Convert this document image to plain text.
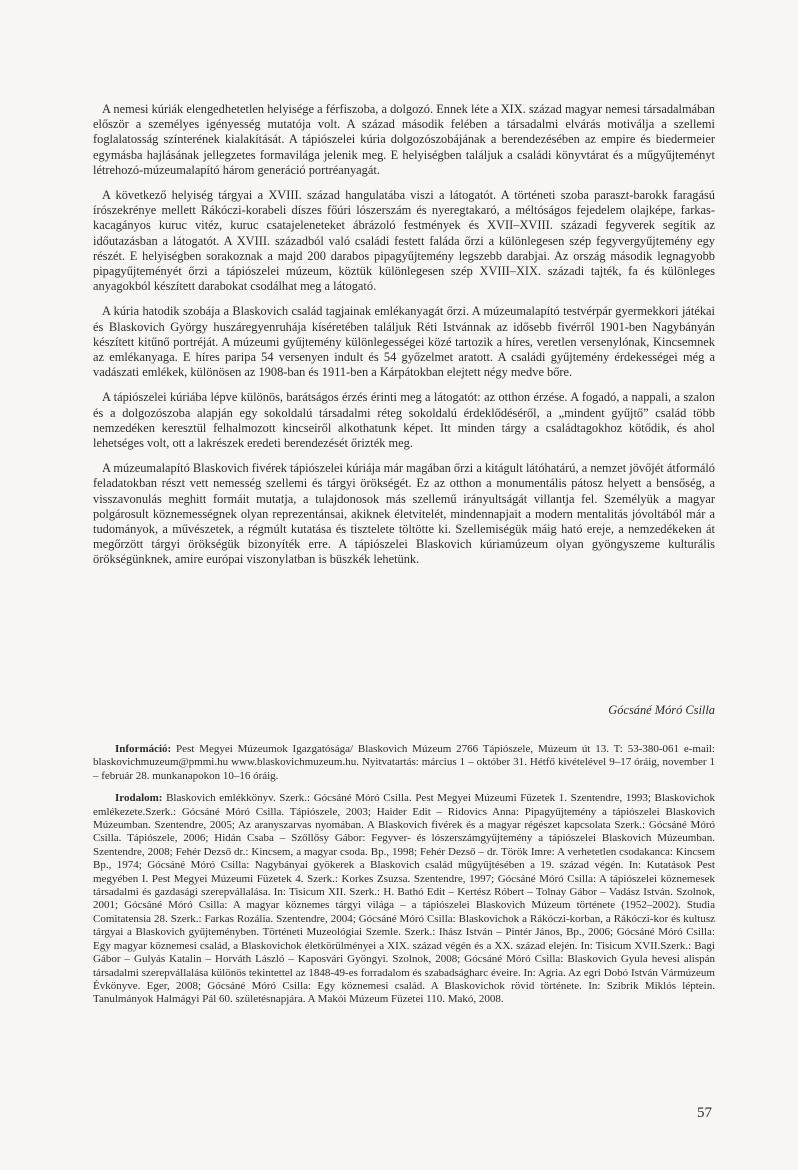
A nemesi kúriák elengedhetetlen helyisége a férfiszoba, a dolgozó. Ennek léte a XIX. század magyar nemesi társadalmában először a személyes igényesség mutatója volt. A század második felében a társadalmi elvárás motiválja a szellemi foglalatosság színterének kialakítását. A tápiószelei kúria dolgozószobájának a berendezésében az empire és biedermeier egymásba hajlásának jellegzetes formavilága jelenik meg. E helyiségben találjuk a családi könyvtárat és a műgyűjteményt létrehozó-múzeumalapító három generáció portréanyagát.

A következő helyiség tárgyai a XVIII. század hangulatába viszi a látogatót. A történeti szoba paraszt-barokk faragású írószekrénye mellett Rákóczi-korabeli díszes főúri lószerszám és nyeregtakaró, a méltóságos fejedelem olajképe, farkas-kacagányos kuruc vitéz, kuruc csatajeleneteket ábrázoló festmények és XVII–XVIII. századi fegyverek segítik az időutazásban a látogatót. A XVIII. századból való családi festett faláda őrzi a különlegesen szép fegyvergyűjtemény egy részét. E helyiségben sorakoznak a majd 200 darabos pipagyűjtemény legszebb darabjai. Az ország második legnagyobb pipagyűjteményét őrzi a tápiószelei múzeum, köztük különlegesen szép XVIII–XIX. századi tajték, fa és különleges anyagokból készített darabokat csodálhat meg a látogató.

A kúria hatodik szobája a Blaskovich család tagjainak emlékanyagát őrzi. A múzeumalapító testvérpár gyermekkori játékai és Blaskovich György huszáregyenruhája kíséretében találjuk Réti Istvánnak az idősebb fivérről 1901-ben Nagybányán készített kitűnő portréját. A múzeumi gyűjtemény különlegességei közé tartozik a híres, veretlen versenylónak, Kincsemnek az emlékanyaga. E híres paripa 54 versenyen indult és 54 győzelmet aratott. A családi gyűjtemény érdekességei még a vadászati emlékek, különösen az 1908-ban és 1911-ben a Kárpátokban elejtett négy medve bőre.

A tápiószelei kúriába lépve különös, barátságos érzés érinti meg a látogatót: az otthon érzése. A fogadó, a nappali, a szalon és a dolgozószoba alapján egy sokoldalú társadalmi réteg sokoldalú érdeklődéséről, a „mindent gyűjtő” család több nemzedéken keresztül felhalmozott kincseiről alkothatunk képet. Itt minden tárgy a családtagokhoz kötődik, és ahol lehetséges volt, ott a lakrészek eredeti berendezését őrizték meg.

A múzeumalapító Blaskovich fivérek tápiószelei kúriája már magában őrzi a kitágult látóhatárú, a nemzet jövőjét átformáló feladatokban részt vett nemesség szellemi és tárgyi örökségét. Ez az otthon a monumentális pátosz helyett a bensőség, a visszavonulás meghitt formáit mutatja, a tulajdonosok más szellemű irányultságát villantja fel. Személyük a magyar polgárosult köznemességnek olyan reprezentánsai, akiknek életvitelét, mindennapjait a modern mentalitás jóvoltából már a tudományok, a művészetek, a régmúlt kutatása és tisztelete töltötte ki. Szellemiségük máig ható ereje, a nemzedékeken át megőrzött tárgyi örökségük bizonyíték erre. A tápiószelei Blaskovich kúriamúzeum olyan gyöngyszeme kulturális örökségünknek, amire európai viszonylatban is büszkék lehetünk.

Gócsáné Móró Csilla

Információ: Pest Megyei Múzeumok Igazgatósága/ Blaskovich Múzeum 2766 Tápiószele, Múzeum út 13. T: 53-380-061 e-mail: blaskovichmuzeum@pmmi.hu www.blaskovichmuzeum.hu. Nyitvatartás: március 1 – október 31. Hétfő kivételével 9–17 óráig, november 1 – február 28. munkanapokon 10–16 óráig.

Irodalom: Blaskovich emlékkönyv. Szerk.: Gócsáné Móró Csilla. Pest Megyei Múzeumi Füzetek 1. Szentendre, 1993; Blaskovichok emlékezete.Szerk.: Gócsáné Móró Csilla. Tápiószele, 2003; Haider Edit – Ridovics Anna: Pipagyűjtemény a tápiószelei Blaskovich Múzeumban. Szentendre, 2005; Az aranyszarvas nyomában. A Blaskovich fivérek és a magyar régészet kapcsolata Szerk.: Gócsáné Móró Csilla. Tápiószele, 2006; Hidán Csaba – Szőllősy Gábor: Fegyver- és lószerszámgyűjtemény a tápiószelei Blaskovich Múzeumban. Szentendre, 2008; Fehér Dezső dr.: Kincsem, a magyar csoda. Bp., 1998; Fehér Dezső – dr. Török Imre: A verhetetlen csodakanca: Kincsem Bp., 1974; Gócsáné Móró Csilla: Nagybányai gyökerek a Blaskovich család műgyűjtésében a 19. század végén. In: Kutatások Pest megyében I. Pest Megyei Múzeumi Füzetek 4. Szerk.: Korkes Zsuzsa. Szentendre, 1997; Gócsáné Móró Csilla: A tápiószelei köznemesek társadalmi és gazdasági szerepvállalása. In: Tisicum XII. Szerk.: H. Bathó Edit – Kertész Róbert – Tolnay Gábor – Vadász István. Szolnok, 2001; Gócsáné Móró Csilla: A magyar köznemes tárgyi világa – a tápiószelei Blaskovich Múzeum története (1952–2002). Studia Comitatensia 28. Szerk.: Farkas Rozália. Szentendre, 2004; Gócsáné Móró Csilla: Blaskovichok a Rákóczi-korban, a Rákóczi-kor és kultusz tárgyai a Blaskovich gyűjteményben. Történeti Muzeológiai Szemle. Szerk.: Ihász István – Pintér János, Bp., 2006; Gócsáné Móró Csilla: Egy magyar köznemesi család, a Blaskovichok életkörülményei a XIX. század végén és a XX. század elején. In: Tisicum XVII.Szerk.: Bagi Gábor – Gulyás Katalin – Horváth László – Kaposvári Gyöngyi. Szolnok, 2008; Gócsáné Móró Csilla: Blaskovich Gyula hevesi alispán társadalmi szerepvállalása különös tekintettel az 1848-49-es forradalom és szabadságharc éveire. In: Agria. Az egri Dobó István Vármúzeum Évkönyve. Eger, 2008; Gócsáné Móró Csilla: Egy köznemesi család. A Blaskovichok rövid története. In: Szibrik Miklós léptein. Tanulmányok Halmágyi Pál 60. születésnapjára. A Makói Múzeum Füzetei 110. Makó, 2008.

57
